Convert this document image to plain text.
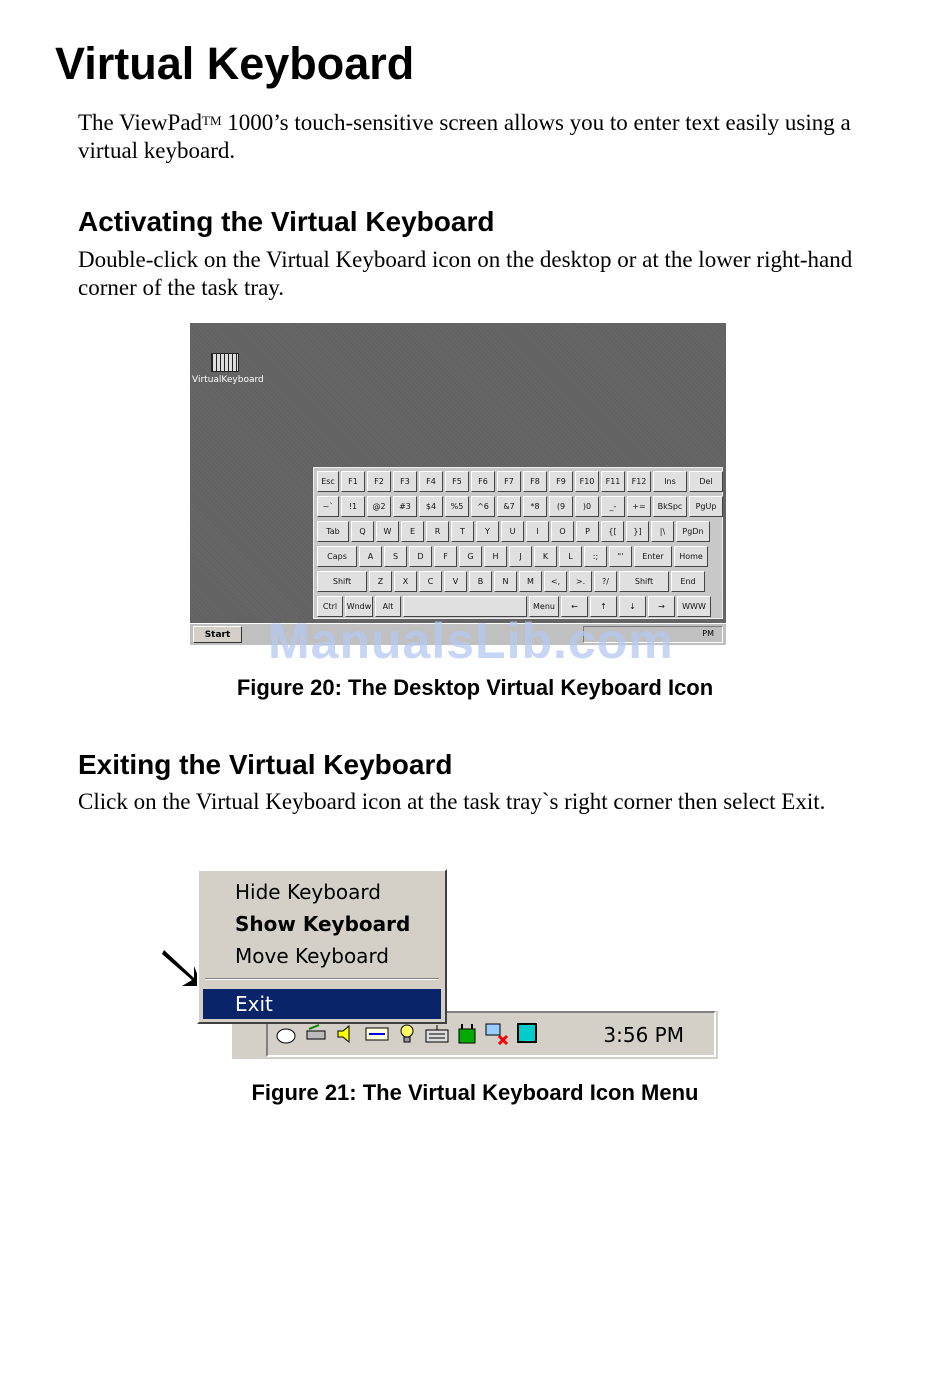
Virtual Keyboard

The ViewPad™ 1000’s touch-sensitive screen allows you to enter text easily using a virtual keyboard.

Activating the Virtual Keyboard

Double-click on the Virtual Keyboard icon on the desktop or at the lower right-hand corner of the task tray.

VirtualKeyboard
Esc	F1	F2	F3	F4	F5	F6	F7	F8	F9	F10	F11	F12	Ins	Del
~`	!1	@2	#3	$4	%5	^6	&7	*8	(9	)0	_-	+=	BkSpc	PgUp
Tab	Q	W	E	R	T	Y	U	I	O	P	{[	}]	|\	PgDn
Caps	A	S	D	F	G	H	J	K	L	:;	"'	Enter	Home
Shift	Z	X	C	V	B	N	M	<,	>.	?/	Shift	End
Ctrl	Wndw	Alt	Menu	←	↑	↓	→	WWW
Start	PM
ManualsLib.com

Figure 20: The Desktop Virtual Keyboard Icon

Exiting the Virtual Keyboard

Click on the Virtual Keyboard icon at the task tray`s right corner then select Exit.

3:56 PM
Hide Keyboard
Show Keyboard
Move Keyboard
Exit

Figure 21: The Virtual Keyboard Icon Menu
